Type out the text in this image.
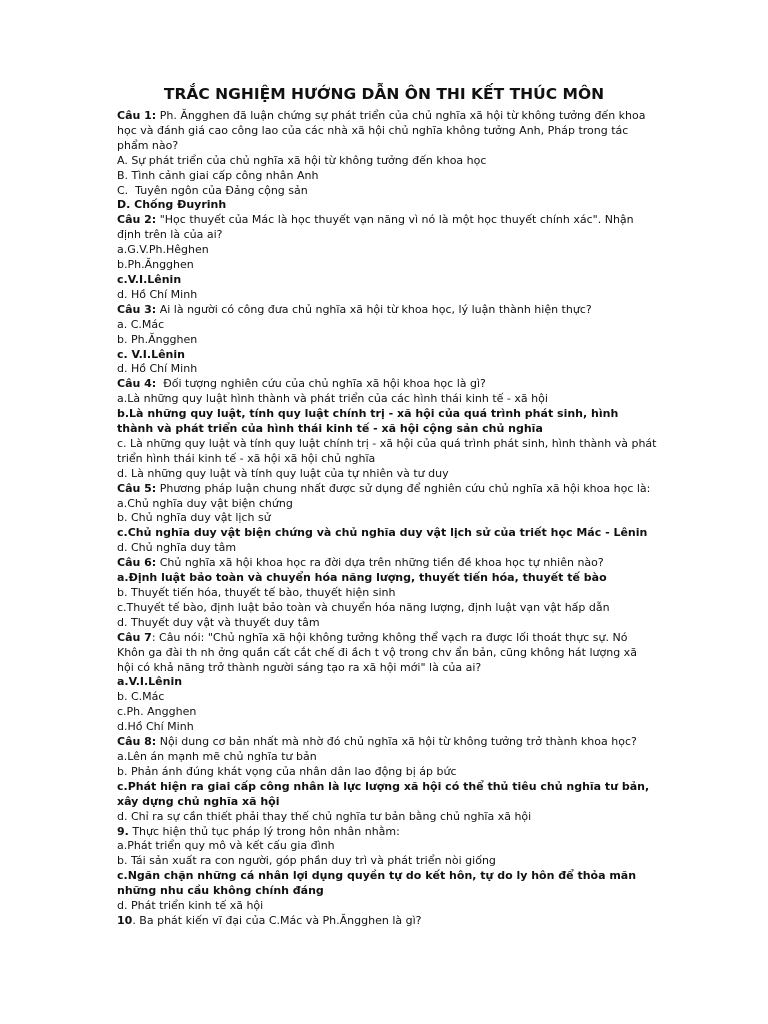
TRẮC NGHIỆM HƯỚNG DẪN ÔN THI KẾT THÚC MÔN
Câu 1: Ph. Ăngghen đã luận chứng sự phát triển của chủ nghĩa xã hội từ không tưởng đến khoa học và đánh giá cao công lao của các nhà xã hội chủ nghĩa không tưởng Anh, Pháp trong tác phẩm nào?
A. Sự phát triển của chủ nghĩa xã hội từ không tưởng đến khoa học
B. Tình cảnh giai cấp công nhân Anh
C.  Tuyên ngôn của Đảng cộng sản
D. Chống Đuyrinh
Câu 2: "Học thuyết của Mác là học thuyết vạn năng vì nó là một học thuyết chính xác". Nhận định trên là của ai?
a.G.V.Ph.Hêghen
b.Ph.Ăngghen
c.V.I.Lênin
d. Hồ Chí Minh
Câu 3: Ai là người có công đưa chủ nghĩa xã hội từ khoa học, lý luận thành hiện thực?
a. C.Mác
b. Ph.Ăngghen
c. V.I.Lênin
d. Hồ Chí Minh
Câu 4:  Đối tượng nghiên cứu của chủ nghĩa xã hội khoa học là gì?
a.Là những quy luật hình thành và phát triển của các hình thái kinh tế - xã hội
b.Là những quy luật, tính quy luật chính trị - xã hội của quá trình phát sinh, hình thành và phát triển của hình thái kinh tế - xã hội cộng sản chủ nghĩa
c. Là những quy luật và tính quy luật chính trị - xã hội của quá trình phát sinh, hình thành và phát triển hình thái kinh tế - xã hội xã hội chủ nghĩa
d. Là những quy luật và tính quy luật của tự nhiên và tư duy
Câu 5: Phương pháp luận chung nhất được sử dụng để nghiên cứu chủ nghĩa xã hội khoa học là:
a.Chủ nghĩa duy vật biện chứng
b. Chủ nghĩa duy vật lịch sử
c.Chủ nghĩa duy vật biện chứng và chủ nghĩa duy vật lịch sử của triết học Mác - Lênin
d. Chủ nghĩa duy tâm
Câu 6: Chủ nghĩa xã hội khoa học ra đời dựa trên những tiền đề khoa học tự nhiên nào?
a.Định luật bảo toàn và chuyển hóa năng lượng, thuyết tiến hóa, thuyết tế bào
b. Thuyết tiến hóa, thuyết tế bào, thuyết hiện sinh
c.Thuyết tế bào, định luật bảo toàn và chuyển hóa năng lượng, định luật vạn vật hấp dẫn
d. Thuyết duy vật và thuyết duy tâm
Câu 7: Câu nói: "Chủ nghĩa xã hội không tưởng không thể vạch ra được lối thoát thực sự. Nó Khôn ga đài th nh ởng quần cất cắt chế đi ầch t vộ trong chv ẩn bản, cũng không hát lượng xã hội có khả năng trở thành người sáng tạo ra xã hội mới" là của ai?
a.V.I.Lênin
b. C.Mác
c.Ph. Angghen
d.Hồ Chí Minh
Câu 8: Nội dung cơ bản nhất mà nhờ đó chủ nghĩa xã hội từ không tưởng trở thành khoa học?
a.Lên án mạnh mẽ chủ nghĩa tư bản
b. Phản ánh đúng khát vọng của nhân dân lao động bị áp bức
c.Phát hiện ra giai cấp công nhân là lực lượng xã hội có thể thủ tiêu chủ nghĩa tư bản, xây dựng chủ nghĩa xã hội
d. Chỉ ra sự cần thiết phải thay thế chủ nghĩa tư bản bằng chủ nghĩa xã hội
9. Thực hiện thủ tục pháp lý trong hôn nhân nhằm:
a.Phát triển quy mô và kết cấu gia đình
b. Tái sản xuất ra con người, góp phần duy trì và phát triển nòi giống
c.Ngăn chặn những cá nhân lợi dụng quyền tự do kết hôn, tự do ly hôn để thỏa mãn những nhu cầu không chính đáng
d. Phát triển kinh tế xã hội
10. Ba phát kiến vĩ đại của C.Mác và Ph.Ăngghen là gì?
